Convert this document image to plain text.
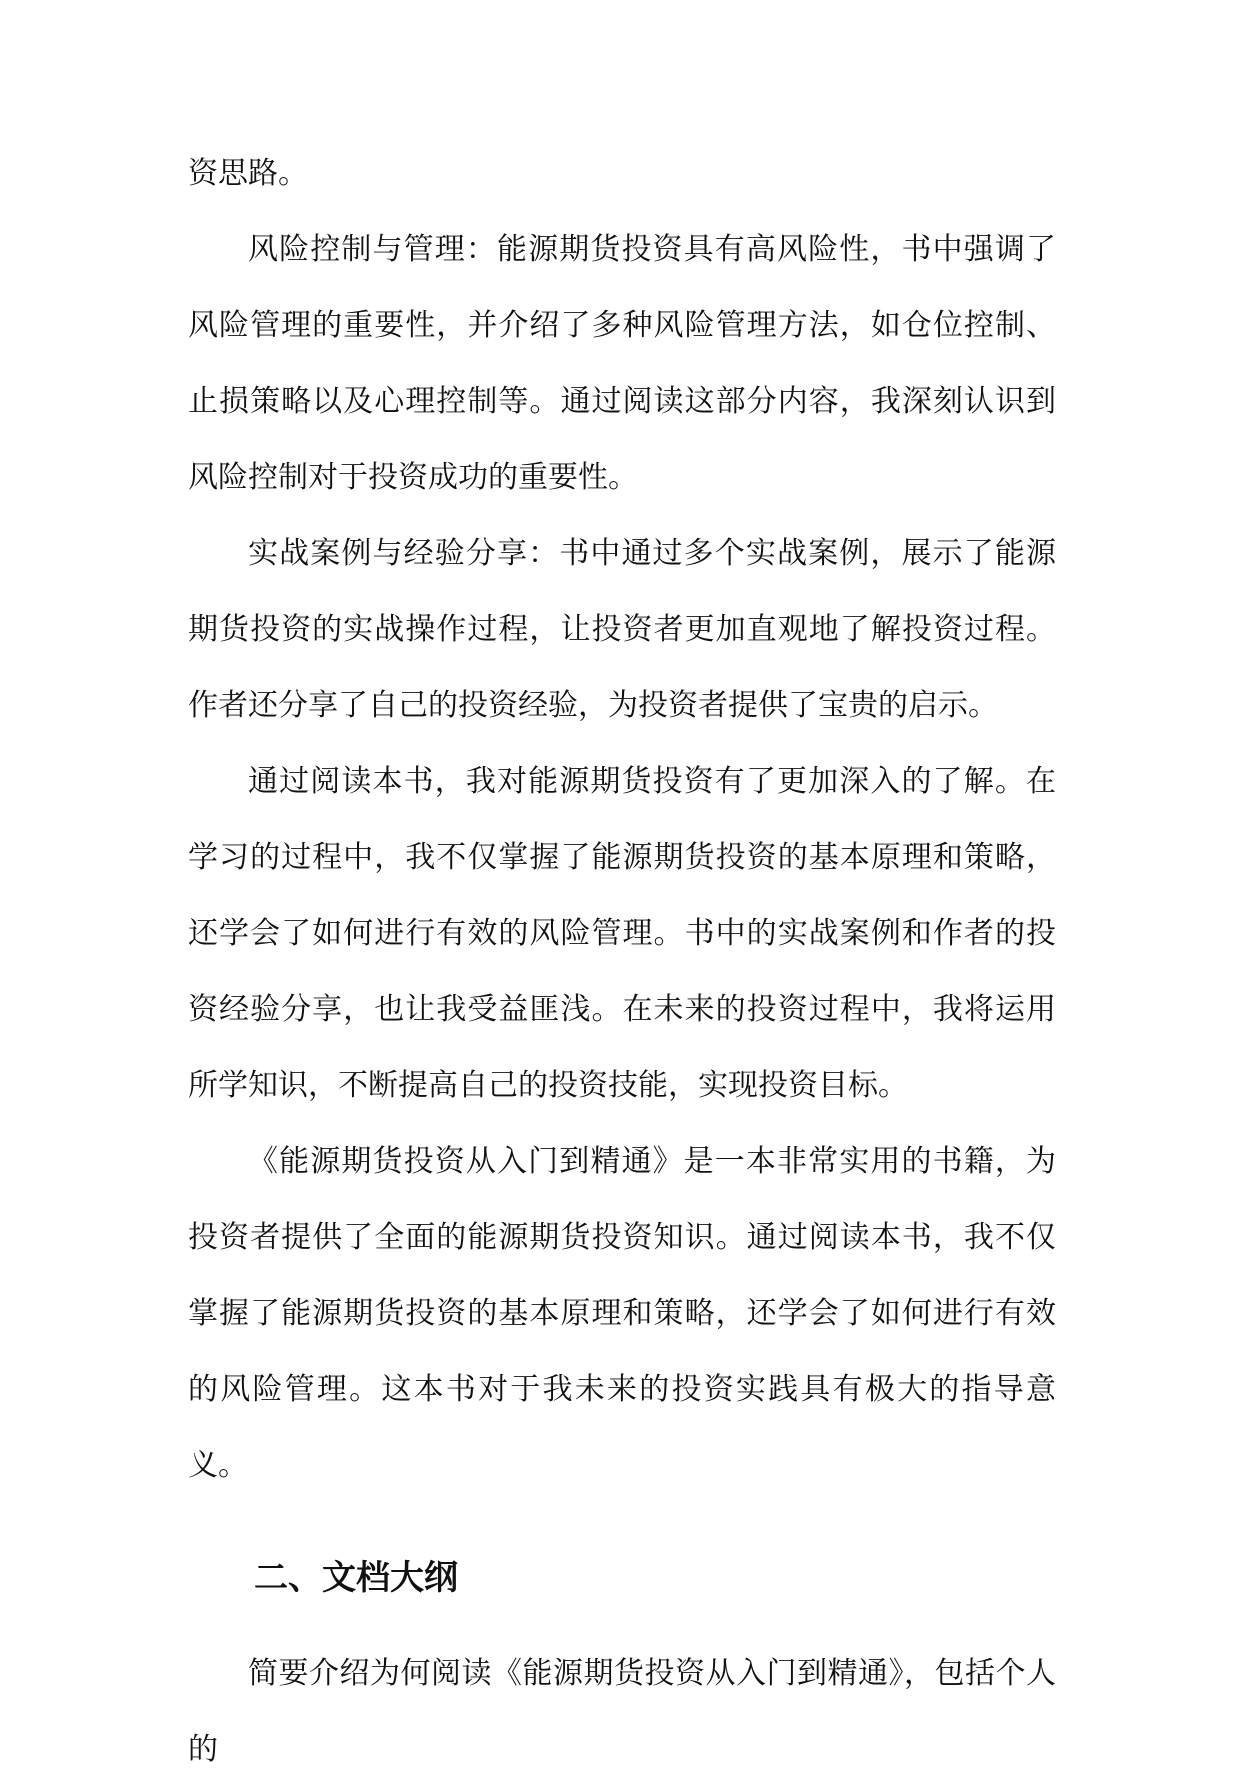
资思路。

风险控制与管理：能源期货投资具有高风险性，书中强调了风险管理的重要性，并介绍了多种风险管理方法，如仓位控制、止损策略以及心理控制等。通过阅读这部分内容，我深刻认识到风险控制对于投资成功的重要性。

实战案例与经验分享：书中通过多个实战案例，展示了能源期货投资的实战操作过程，让投资者更加直观地了解投资过程。作者还分享了自己的投资经验，为投资者提供了宝贵的启示。

通过阅读本书，我对能源期货投资有了更加深入的了解。在学习的过程中，我不仅掌握了能源期货投资的基本原理和策略，还学会了如何进行有效的风险管理。书中的实战案例和作者的投资经验分享，也让我受益匪浅。在未来的投资过程中，我将运用所学知识，不断提高自己的投资技能，实现投资目标。

《能源期货投资从入门到精通》是一本非常实用的书籍，为投资者提供了全面的能源期货投资知识。通过阅读本书，我不仅掌握了能源期货投资的基本原理和策略，还学会了如何进行有效的风险管理。这本书对于我未来的投资实践具有极大的指导意义。

二、文档大纲

简要介绍为何阅读《能源期货投资从入门到精通》，包括个人的
